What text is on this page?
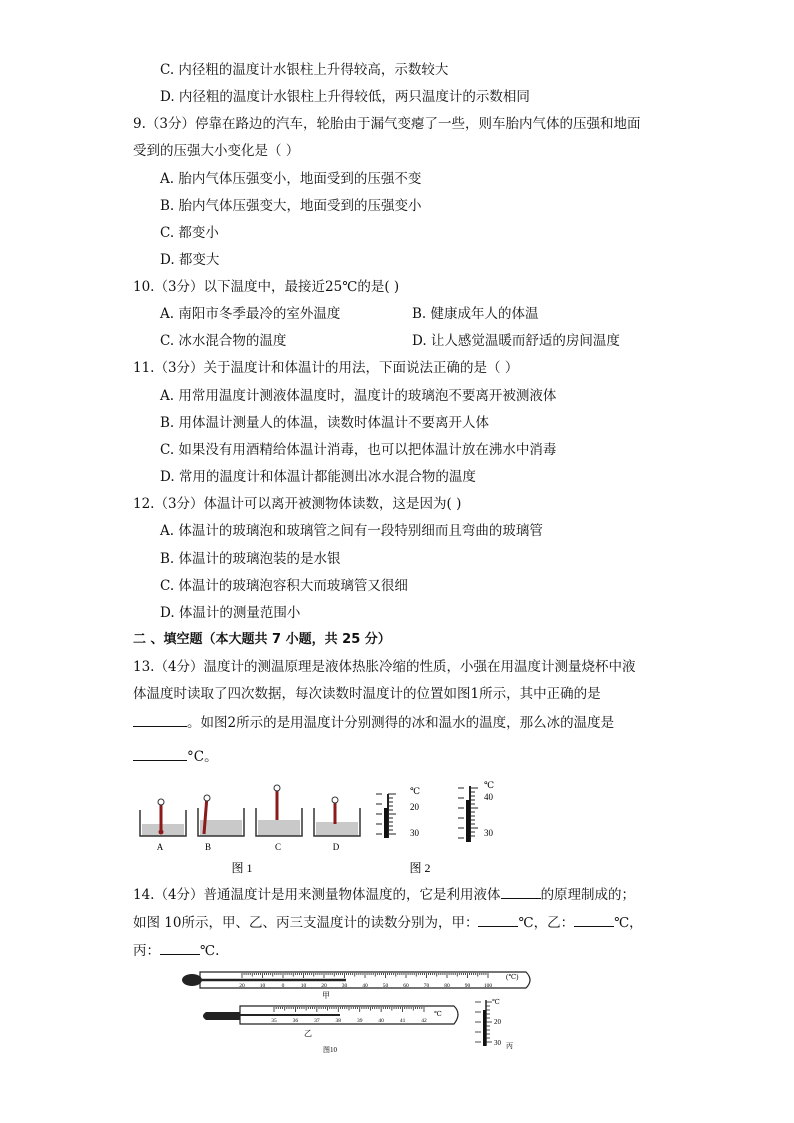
C. 内径粗的温度计水银柱上升得较高，示数较大
D. 内径粗的温度计水银柱上升得较低，两只温度计的示数相同
9.（3分）停靠在路边的汽车，轮胎由于漏气变瘪了一些，则车胎内气体的压强和地面
受到的压强大小变化是（ ）
A. 胎内气体压强变小，地面受到的压强不变
B. 胎内气体压强变大，地面受到的压强变小
C. 都变小
D. 都变大
10.（3分）以下温度中，最接近25℃的是( )
A. 南阳市冬季最冷的室外温度	B. 健康成年人的体温
C. 冰水混合物的温度	D. 让人感觉温暖而舒适的房间温度
11.（3分）关于温度计和体温计的用法，下面说法正确的是（ ）
A. 用常用温度计测液体温度时，温度计的玻璃泡不要离开被测液体
B. 用体温计测量人的体温，读数时体温计不要离开人体
C. 如果没有用酒精给体温计消毒，也可以把体温计放在沸水中消毒
D. 常用的温度计和体温计都能测出冰水混合物的温度
12.（3分）体温计可以离开被测物体读数，这是因为( )
A. 体温计的玻璃泡和玻璃管之间有一段特别细而且弯曲的玻璃管
B. 体温计的玻璃泡装的是水银
C. 体温计的玻璃泡容积大而玻璃管又很细
D. 体温计的测量范围小
二 、填空题（本大题共 7 小题，共 25 分）
13.（4分）温度计的测温原理是液体热胀冷缩的性质，小强在用温度计测量烧杯中液
体温度时读取了四次数据，每次读数时温度计的位置如图1所示，其中正确的是
。如图2所示的是用温度计分别测得的冰和温水的温度，那么冰的温度是
°C。
A	B	C	D
图 1
℃
20
30
℃
40
30
图 2
14.（4分）普通温度计是用来测量物体温度的，它是利用液体	的原理制成的；
如图 10所示，甲、乙、丙三支温度计的读数分别为，甲：	℃，乙：	℃，
丙：	℃.
20	10	0	10	20	30	40	50	60	70	80	90 100
(℃)
甲
35	36	37	38	39	40	41	42
℃
乙
℃
20
30 丙
图10
